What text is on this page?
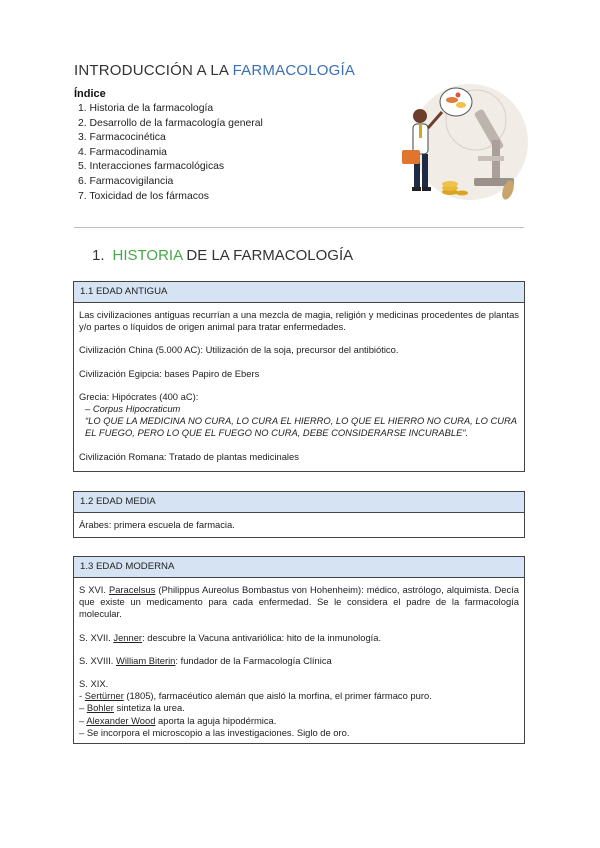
INTRODUCCIÓN A LA FARMACOLOGÍA
Índice
1. Historia de la farmacología
2. Desarrollo de la farmacología general
3. Farmacocinética
4. Farmacodinamia
5. Interacciones farmacológicas
6. Farmacovigilancia
7. Toxicidad de los fármacos
1. HISTORIA DE LA FARMACOLOGÍA
1.1 EDAD ANTIGUA

Las civilizaciones antiguas recurrían a una mezcla de magia, religión y medicinas procedentes de plantas y/o partes o líquidos de origen animal para tratar enfermedades.

Civilización China (5.000 AC): Utilización de la soja, precursor del antibiótico.

Civilización Egipcia: bases Papiro de Ebers

Grecia: Hipócrates (400 aC):

– Corpus Hipocraticum

“LO QUE LA MEDICINA NO CURA, LO CURA EL HIERRO, LO QUE EL HIERRO NO CURA, LO CURA EL FUEGO, PERO LO QUE EL FUEGO NO CURA, DEBE CONSIDERARSE INCURABLE”.

Civilización Romana: Tratado de plantas medicinales

1.2 EDAD MEDIA

Árabes: primera escuela de farmacia.

1.3 EDAD MODERNA

S XVI. Paracelsus (Philippus Aureolus Bombastus von Hohenheim): médico, astrólogo, alquimista. Decía que existe un medicamento para cada enfermedad. Se le considera el padre de la farmacología molecular.

S. XVII. Jenner: descubre la Vacuna antivariólica: hito de la inmunología.

S. XVIII. William Biterin: fundador de la Farmacología Clínica

S. XIX.

- Sertürner (1805), farmacéutico alemán que aisló la morfina, el primer fármaco puro.

– Bohler sintetiza la urea.

– Alexander Wood aporta la aguja hipodérmica.

– Se incorpora el microscopio a las investigaciones. Siglo de oro.
